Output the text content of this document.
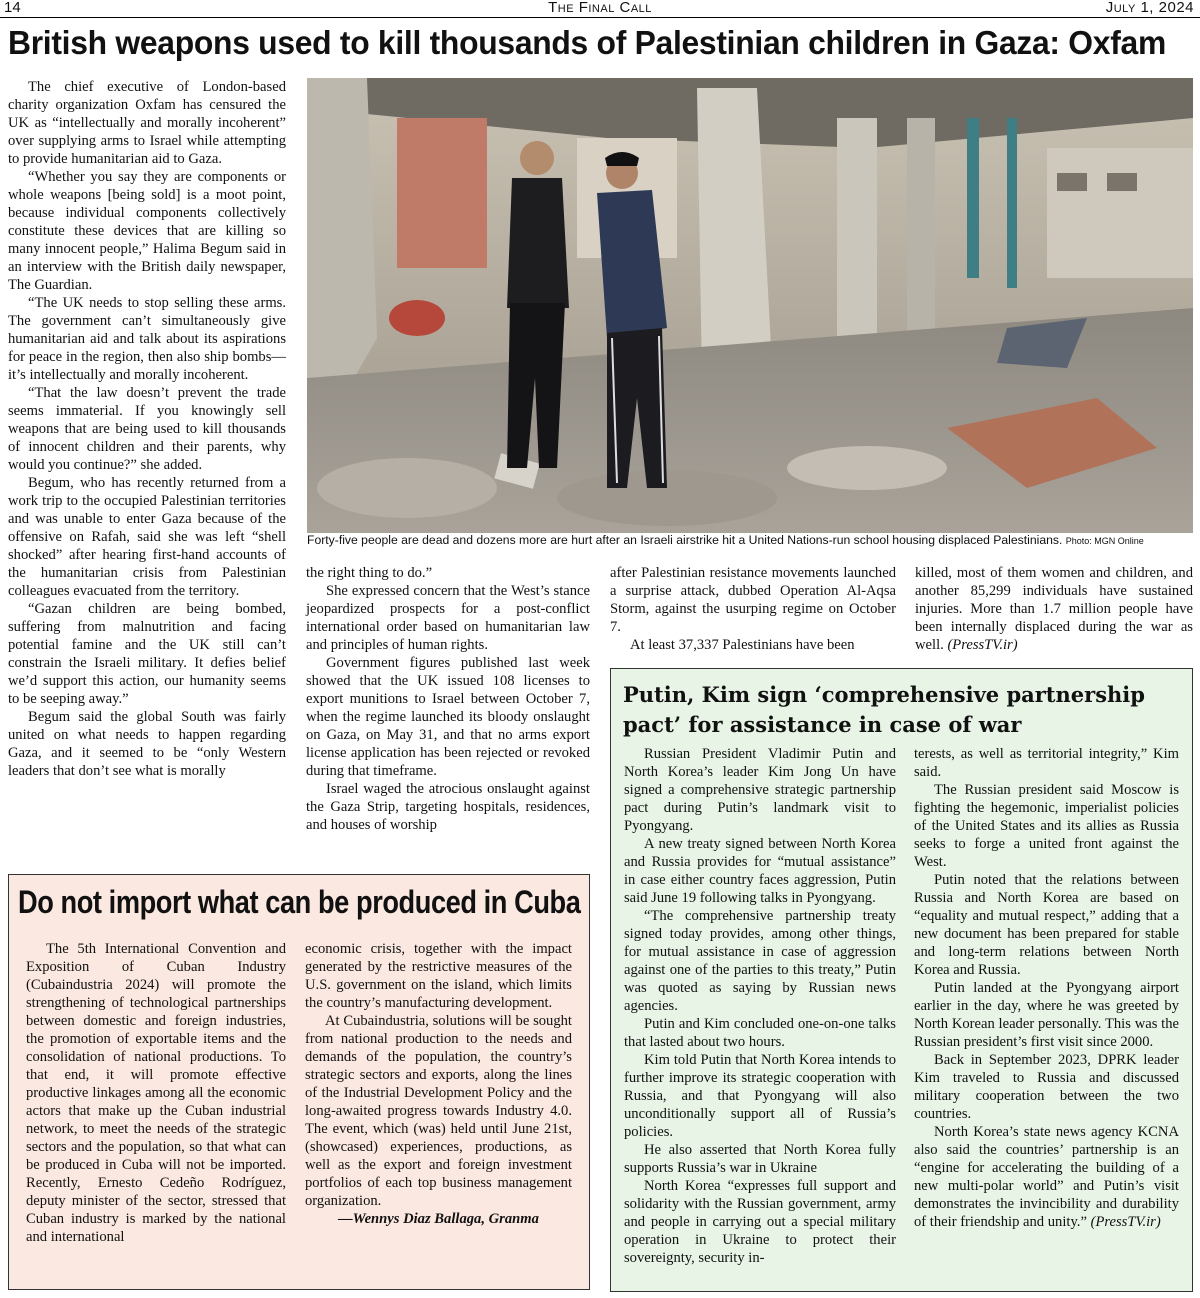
14	The Final Call	July 1, 2024
British weapons used to kill thousands of Palestinian children in Gaza: Oxfam

The chief executive of London-based charity organization Oxfam has censured the UK as “intellectually and morally incoherent” over supplying arms to Israel while attempting to provide humanitarian aid to Gaza.

“Whether you say they are components or whole weapons [being sold] is a moot point, because individual components collectively constitute these devices that are killing so many innocent people,” Halima Begum said in an interview with the British daily newspaper, The Guardian.

“The UK needs to stop selling these arms. The government can’t simultaneously give humanitarian aid and talk about its aspirations for peace in the region, then also ship bombs—it’s intellectually and morally incoherent.

“That the law doesn’t prevent the trade seems immaterial. If you knowingly sell weapons that are being used to kill thousands of innocent children and their parents, why would you continue?” she added.

Begum, who has recently returned from a work trip to the occupied Palestinian territories and was unable to enter Gaza because of the offensive on Rafah, said she was left “shell shocked” after hearing first-hand accounts of the humanitarian crisis from Palestinian colleagues evacuated from the territory.

“Gazan children are being bombed, suffering from malnutrition and facing potential famine and the UK still can’t constrain the Israeli military. It defies belief we’d support this action, our humanity seems to be seeping away.”

Begum said the global South was fairly united on what needs to happen regarding Gaza, and it seemed to be “only Western leaders that don’t see what is morally

Forty-five people are dead and dozens more are hurt after an Israeli airstrike hit a United Nations-run school housing displaced Palestinians. Photo: MGN Online

the right thing to do.”

She expressed concern that the West’s stance jeopardized prospects for a post-conflict international order based on humanitarian law and principles of human rights.

Government figures published last week showed that the UK issued 108 licenses to export munitions to Israel between October 7, when the regime launched its bloody onslaught on Gaza, on May 31, and that no arms export license application has been rejected or revoked during that timeframe.

Israel waged the atrocious onslaught against the Gaza Strip, targeting hospitals, residences, and houses of worship

after Palestinian resistance movements launched a surprise attack, dubbed Operation Al-Aqsa Storm, against the usurping regime on October 7.

At least 37,337 Palestinians have been

killed, most of them women and children, and another 85,299 individuals have sustained injuries. More than 1.7 million people have been internally displaced during the war as well. (PressTV.ir)

Do not import what can be produced in Cuba

The 5th International Convention and Exposition of Cuban Industry (Cubaindustria 2024) will promote the strengthening of technological partnerships between domestic and foreign industries, the promotion of exportable items and the consolidation of national productions. To that end, it will promote effective productive linkages among all the economic actors that make up the Cuban industrial network, to meet the needs of the strategic sectors and the population, so that what can be produced in Cuba will not be imported. Recently, Ernesto Cedeño Rodríguez, deputy minister of the sector, stressed that Cuban industry is marked by the national and international

economic crisis, together with the impact generated by the restrictive measures of the U.S. government on the island, which limits the country’s manufacturing development.

At Cubaindustria, solutions will be sought from national production to the needs and demands of the population, the country’s strategic sectors and exports, along the lines of the Industrial Development Policy and the long-awaited progress towards Industry 4.0. The event, which (was) held until June 21st, (showcased) experiences, productions, as well as the export and foreign investment portfolios of each top business management organization.

—Wennys Diaz Ballaga, Granma

Putin, Kim sign ‘comprehensive partnership pact’ for assistance in case of war

Russian President Vladimir Putin and North Korea’s leader Kim Jong Un have signed a comprehensive strategic partnership pact during Putin’s landmark visit to Pyongyang.

A new treaty signed between North Korea and Russia provides for “mutual assistance” in case either country faces aggression, Putin said June 19 following talks in Pyongyang.

“The comprehensive partnership treaty signed today provides, among other things, for mutual assistance in case of aggression against one of the parties to this treaty,” Putin was quoted as saying by Russian news agencies.

Putin and Kim concluded one-on-one talks that lasted about two hours.

Kim told Putin that North Korea intends to further improve its strategic cooperation with Russia, and that Pyongyang will also unconditionally support all of Russia’s policies.

He also asserted that North Korea fully supports Russia’s war in Ukraine

North Korea “expresses full support and solidarity with the Russian government, army and people in carrying out a special military operation in Ukraine to protect their sovereignty, security in-

terests, as well as territorial integrity,” Kim said.

The Russian president said Moscow is fighting the hegemonic, imperialist policies of the United States and its allies as Russia seeks to forge a united front against the West.

Putin noted that the relations between Russia and North Korea are based on “equality and mutual respect,” adding that a new document has been prepared for stable and long-term relations between North Korea and Russia.

Putin landed at the Pyongyang airport earlier in the day, where he was greeted by North Korean leader personally. This was the Russian president’s first visit since 2000.

Back in September 2023, DPRK leader Kim traveled to Russia and discussed military cooperation between the two countries.

North Korea’s state news agency KCNA also said the countries’ partnership is an “engine for accelerating the building of a new multi-polar world” and Putin’s visit demonstrates the invincibility and durability of their friendship and unity.” (PressTV.ir)
